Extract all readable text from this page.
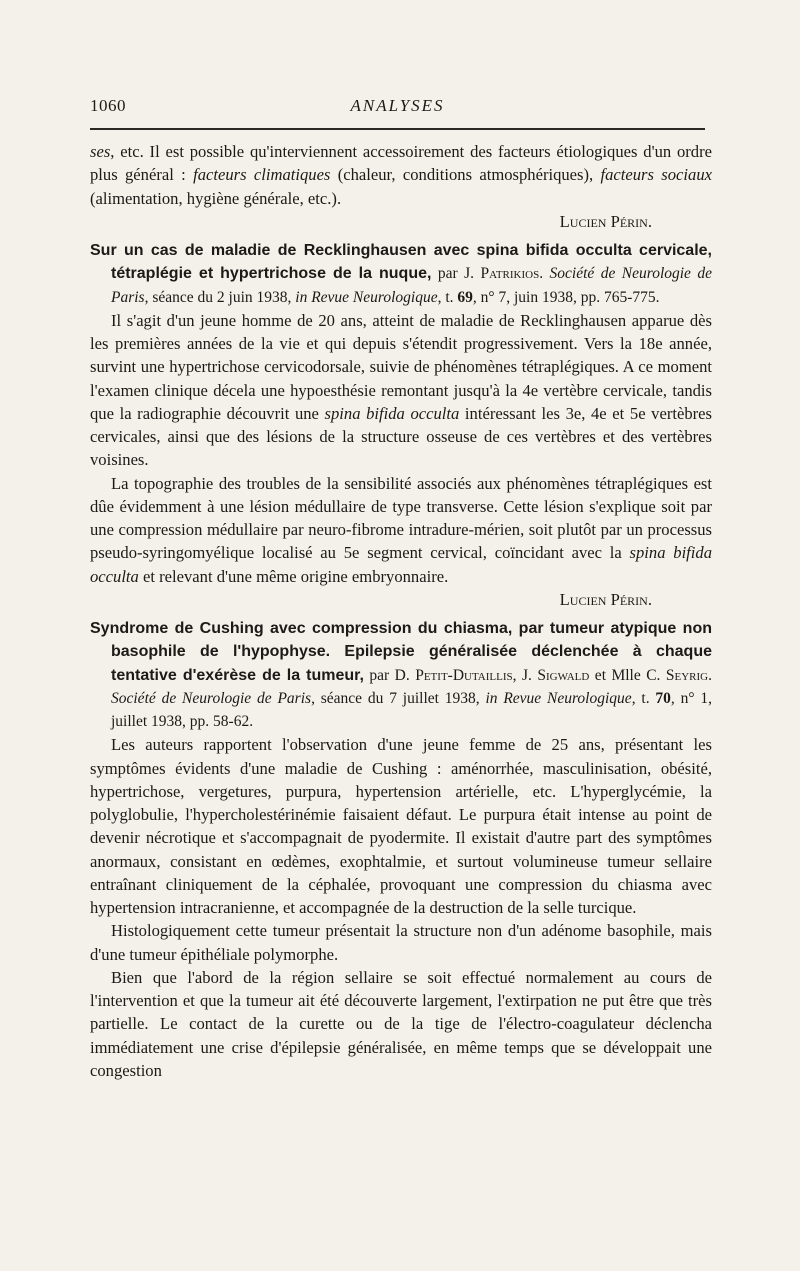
1060	ANALYSES

ses, etc. Il est possible qu'interviennent accessoirement des facteurs étiologiques d'un ordre plus général : facteurs climatiques (chaleur, conditions atmosphériques), facteurs sociaux (alimentation, hygiène générale, etc.).

Lucien Périn.

Sur un cas de maladie de Recklinghausen avec spina bifida occulta cervicale, tétraplégie et hypertrichose de la nuque, par J. Patrikios. Société de Neurologie de Paris, séance du 2 juin 1938, in Revue Neurologique, t. 69, n° 7, juin 1938, pp. 765-775.

Il s'agit d'un jeune homme de 20 ans, atteint de maladie de Recklinghausen apparue dès les premières années de la vie et qui depuis s'étendit progressivement. Vers la 18e année, survint une hypertrichose cervicodorsale, suivie de phénomènes tétraplégiques. A ce moment l'examen clinique décela une hypoesthésie remontant jusqu'à la 4e vertèbre cervicale, tandis que la radiographie découvrit une spina bifida occulta intéressant les 3e, 4e et 5e vertèbres cervicales, ainsi que des lésions de la structure osseuse de ces vertèbres et des vertèbres voisines.

La topographie des troubles de la sensibilité associés aux phénomènes tétraplégiques est dûe évidemment à une lésion médullaire de type transverse. Cette lésion s'explique soit par une compression médullaire par neuro-fibrome intradure-mérien, soit plutôt par un processus pseudo-syringomyélique localisé au 5e segment cervical, coïncidant avec la spina bifida occulta et relevant d'une même origine embryonnaire.

Lucien Périn.

Syndrome de Cushing avec compression du chiasma, par tumeur atypique non basophile de l'hypophyse. Epilepsie généralisée déclenchée à chaque tentative d'exérèse de la tumeur, par D. Petit-Dutaillis, J. Sigwald et Mlle C. Seyrig. Société de Neurologie de Paris, séance du 7 juillet 1938, in Revue Neurologique, t. 70, n° 1, juillet 1938, pp. 58-62.

Les auteurs rapportent l'observation d'une jeune femme de 25 ans, présentant les symptômes évidents d'une maladie de Cushing : aménorrhée, masculinisation, obésité, hypertrichose, vergetures, purpura, hypertension artérielle, etc. L'hyperglycémie, la polyglobulie, l'hypercholestérinémie faisaient défaut. Le purpura était intense au point de devenir nécrotique et s'accompagnait de pyodermite. Il existait d'autre part des symptômes anormaux, consistant en œdèmes, exophtalmie, et surtout volumineuse tumeur sellaire entraînant cliniquement de la céphalée, provoquant une compression du chiasma avec hypertension intracranienne, et accompagnée de la destruction de la selle turcique.

Histologiquement cette tumeur présentait la structure non d'un adénome basophile, mais d'une tumeur épithéliale polymorphe.

Bien que l'abord de la région sellaire se soit effectué normalement au cours de l'intervention et que la tumeur ait été découverte largement, l'extirpation ne put être que très partielle. Le contact de la curette ou de la tige de l'électro-coagulateur déclencha immédiatement une crise d'épilepsie généralisée, en même temps que se développait une congestion
